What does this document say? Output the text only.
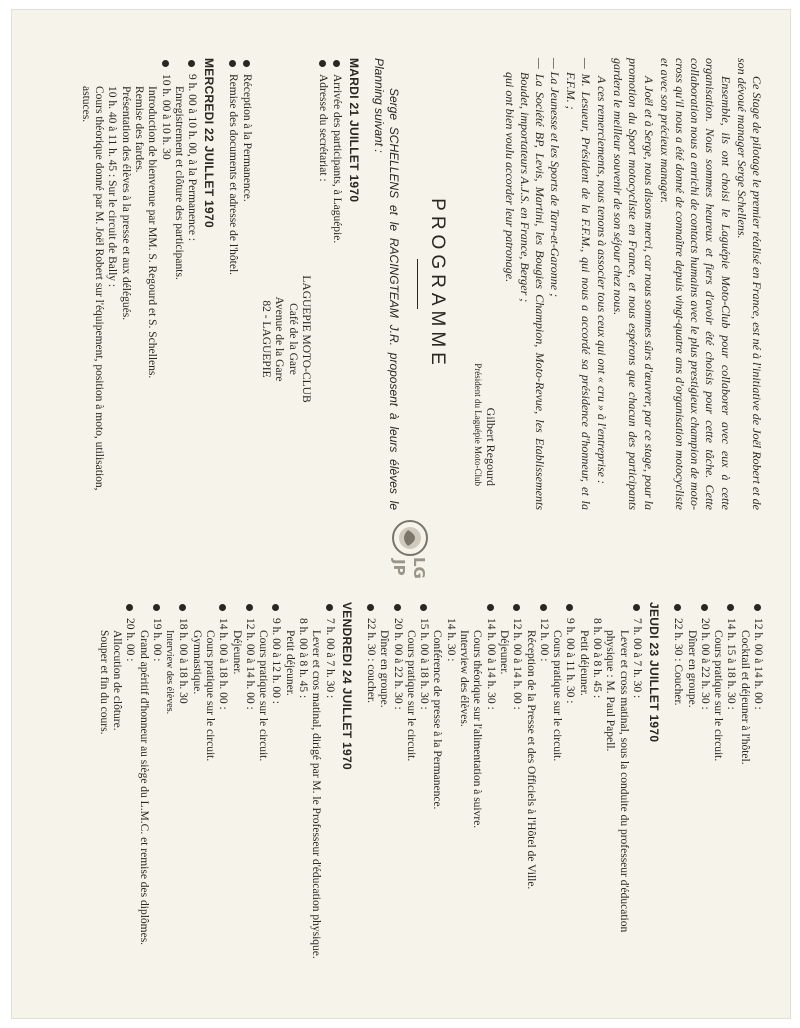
Ce Stage de pilotage le premier réalisé en France, est né à l'initiative de Joël Robert et de son dévoué manager Serge Schellens.

Ensemble, ils ont choisi le Laguépie Moto-Club pour collaborer avec eux à cette organisation. Nous sommes heureux et fiers d'avoir été choisis pour cette tâche. Cette collaboration nous a enrichi de contacts humains avec le plus prestigieux champion de moto-cross qu'il nous a été donné de connaître depuis vingt-quatre ans d'organisation motocycliste et avec son précieux manager.

A Joël et à Serge, nous disons merci, car nous sommes sûrs d'œuvrer, par ce stage, pour la promotion du Sport motocycliste en France, et nous espérons que chacun des participants gardera le meilleur souvenir de son séjour chez nous.

A ces remerciements, nous tenons à associer tous ceux qui ont « cru » à l'entreprise :

— M. Lesueur, Président de la F.F.M., qui nous a accordé sa présidence d'honneur, et la F.F.M. ;
— La Jeunesse et les Sports de Tarn-et-Garonne ;
— La Société BP, Levis, Martini, les Bougies Champion, Moto-Revue, les Etablissements Boudet, importateurs A.J.S. en France, Berger ;
qui ont bien voulu accorder leur patronage.
Gilbert Regourd
Président du Laguépie Moto-Club
PROGRAMME

Serge SCHELLENS et le RACINGTEAM J.R. proposent à leurs élèves le Planning suivant :

MARDI 21 JUILLET 1970
Arrivée des participants, à Laguépie.
Adresse du secrétariat :
LAGUEPIE MOTO-CLUB
Café de la Gare
Avenue de la Gare
82 - LAGUEPIE
Réception à la Permanence.
Remise des documents et adresse de l'hôtel.
MERCREDI 22 JUILLET 1970
9 h. 00 à 10 h. 00, à la Permanence :
Enregistrement et clôture des participants.
10 h. 00 à 10 h. 30
Introduction de bienvenue par MM. S. Regourd et S. Schellens.
Remise des fardes.
Présentation des élèves à la presse et aux délégués.
10 h. 40 à 11 h. 45 : Sur le circuit de Bally :
Cours théorique donné par M. Joël Robert sur l'équipement, position à moto, utilisation, astuces.
LG
JP
12 h. 00 à 14 h. 00 :
Cocktail et déjeuner à l'hôtel.
14 h. 15 à 18 h. 30 :
Cours pratique sur le circuit.
20 h. 00 à 22 h. 30 :
Dîner en groupe.
22 h. 30 : Coucher.
JEUDI 23 JUILLET 1970
7 h. 00 à 7 h. 30 :
Lever et cross matinal, sous la conduite du professeur d'éducation physique : M. Paul Papell.
8 h. 00 à 8 h. 45 :
Petit déjeuner.
9 h. 00 à 11 h. 30 :
Cours pratique sur le circuit.
12 h. 00 :
Réception de la Presse et des Officiels à l'Hôtel de Ville.
12 h. 00 à 14 h. 00 :
Déjeuner.
14 h. 00 à 14 h. 30 :
Cours théorique sur l'alimentation à suivre.
Interview des élèves.
14 h. 30 :
Conférence de presse à la Permanence.
15 h. 00 à 18 h. 30 :
Cours pratique sur le circuit.
20 h. 00 à 22 h. 30 :
Dîner en groupe.
22 h. 30 : coucher.
VENDREDI 24 JUILLET 1970
7 h. 00 à 7 h. 30 :
Lever et cros matinal, dirigé par M. le Professeur d'éducation physique.
8 h. 00 à 8 h. 45 :
Petit déjeuner.
9 h. 00 à 12 h. 00 :
Cours pratique sur le circuit.
12 h. 00 à 14 h. 00 :
Déjeuner.
14 h. 00 à 18 h. 00 :
Cours pratique sur le circuit.
Gymnastique.
18 h. 00 à 18 h. 30
Interview des élèves.
19 h. 00 :
Grand apéritif d'honneur au siège du L.M.C. et remise des diplômes.
20 h. 00 :
Allocution de clôture.
Souper et fin du cours.
